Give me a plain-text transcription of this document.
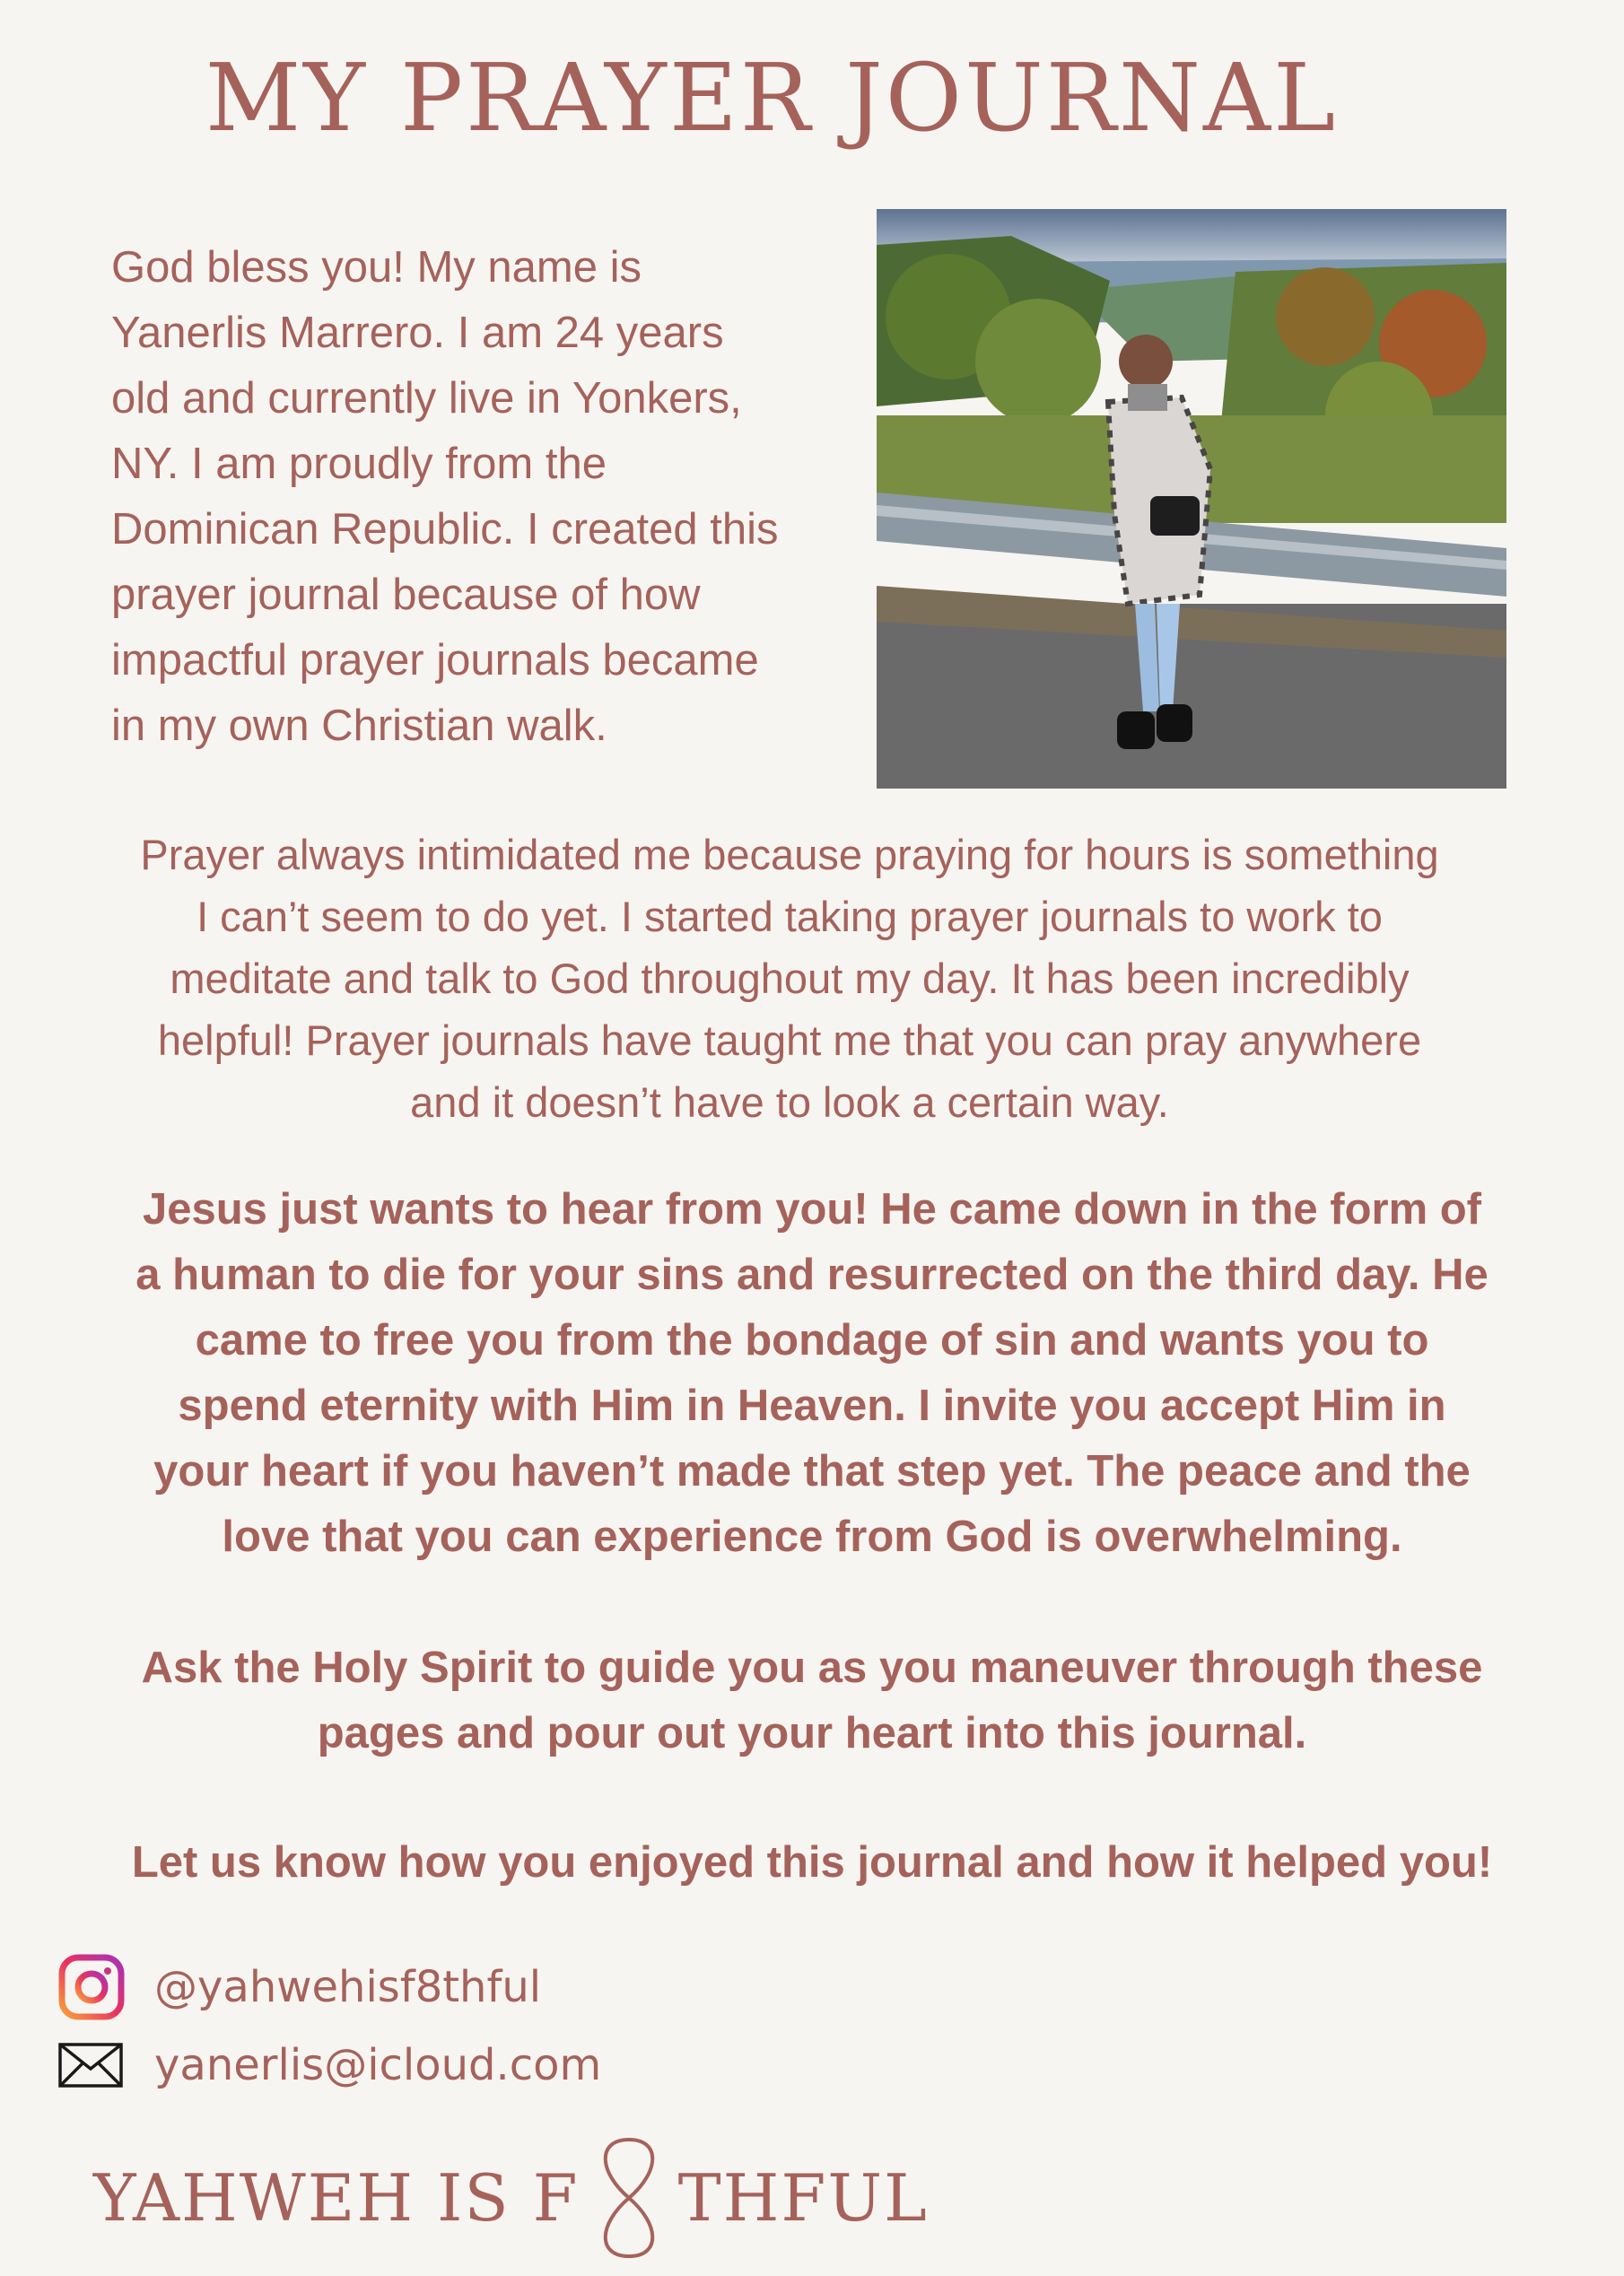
MY PRAYER JOURNAL
God bless you! My name is
Yanerlis Marrero. I am 24 years
old and currently live in Yonkers,
NY. I am proudly from the
Dominican Republic. I created this
prayer journal because of how
impactful prayer journals became
in my own Christian walk.
Prayer always intimidated me because praying for hours is something
I can’t seem to do yet. I started taking prayer journals to work to
meditate and talk to God throughout my day. It has been incredibly
helpful! Prayer journals have taught me that you can pray anywhere
and it doesn’t have to look a certain way.
Jesus just wants to hear from you! He came down in the form of
a human to die for your sins and resurrected on the third day. He
came to free you from the bondage of sin and wants you to
spend eternity with Him in Heaven. I invite you accept Him in
your heart if you haven’t made that step yet. The peace and the
love that you can experience from God is overwhelming.
Ask the Holy Spirit to guide you as you maneuver through these
pages and pour out your heart into this journal.
Let us know how you enjoyed this journal and how it helped you!
@yahwehisf8thful
yanerlis@icloud.com
YAHWEH IS F THFUL
